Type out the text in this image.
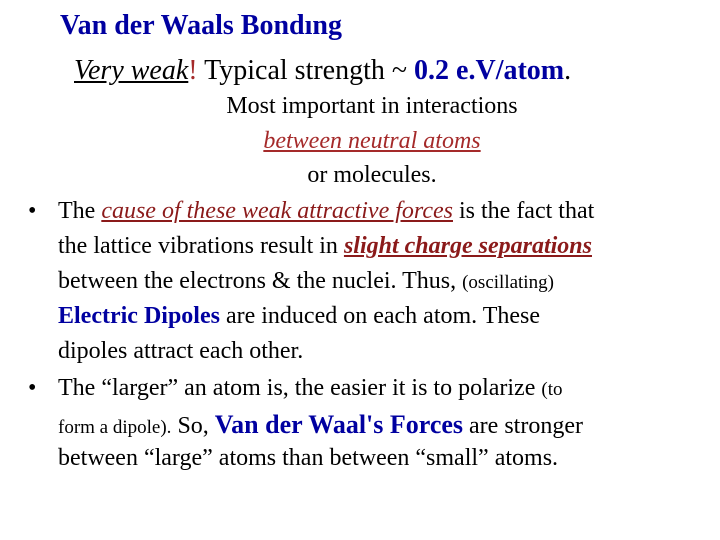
Van der Waals Bondıng
Very weak! Typical strength ~ 0.2 e.V/atom.
Most important in interactions
between neutral atoms
or molecules.
• The cause of these weak attractive forces is the fact that
the lattice vibrations result in slight charge separations
between the electrons & the nuclei. Thus, (oscillating)
Electric Dipoles are induced on each atom. These
dipoles attract each other.
• The “larger” an atom is, the easier it is to polarize (to
form a dipole). So, Van der Waal's Forces are stronger
between “large” atoms than between “small” atoms.
